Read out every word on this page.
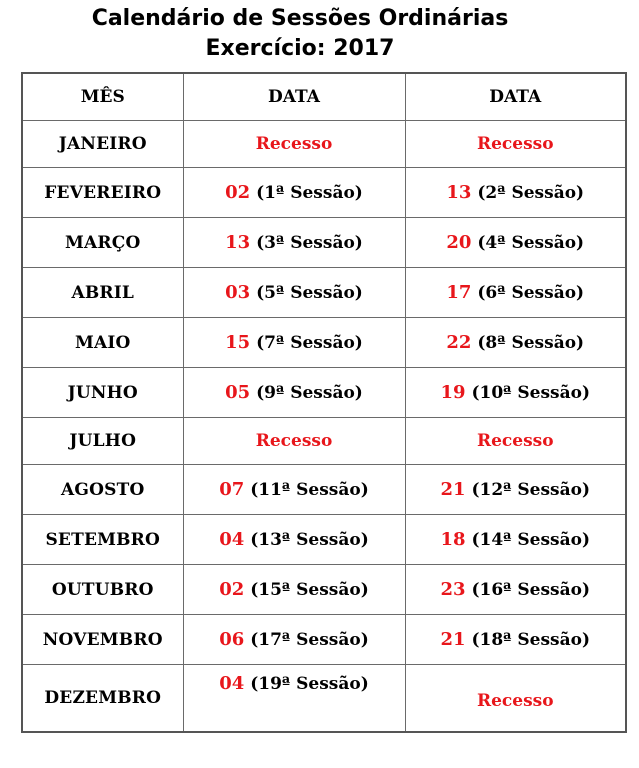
Calendário de Sessões Ordinárias
Exercício: 2017
MÊS	DATA	DATA
JANEIRO	Recesso	Recesso
FEVEREIRO	02 (1ª Sessão)	13 (2ª Sessão)
MARÇO	13 (3ª Sessão)	20 (4ª Sessão)
ABRIL	03 (5ª Sessão)	17 (6ª Sessão)
MAIO	15 (7ª Sessão)	22 (8ª Sessão)
JUNHO	05 (9ª Sessão)	19 (10ª Sessão)
JULHO	Recesso	Recesso
AGOSTO	07 (11ª Sessão)	21 (12ª Sessão)
SETEMBRO	04 (13ª Sessão)	18 (14ª Sessão)
OUTUBRO	02 (15ª Sessão)	23 (16ª Sessão)
NOVEMBRO	06 (17ª Sessão)	21 (18ª Sessão)
DEZEMBRO	04 (19ª Sessão)	Recesso
